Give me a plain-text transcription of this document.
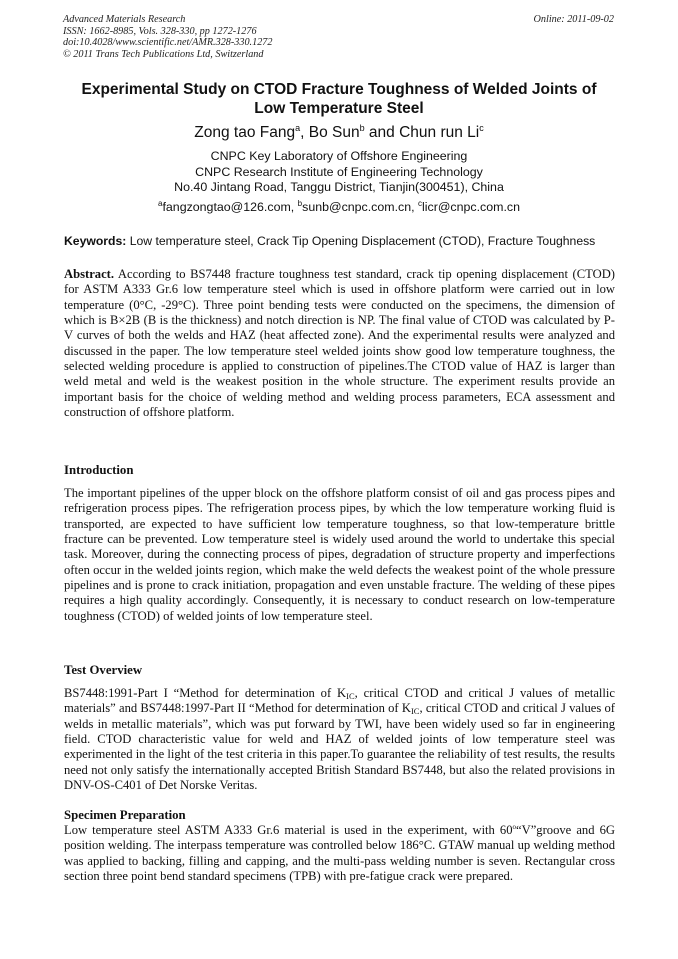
Advanced Materials Research
ISSN: 1662-8985, Vols. 328-330, pp 1272-1276
doi:10.4028/www.scientific.net/AMR.328-330.1272
© 2011 Trans Tech Publications Ltd, Switzerland
Online: 2011-09-02
Experimental Study on CTOD Fracture Toughness of Welded Joints of
Low Temperature Steel
Zong tao Fang$^a$, Bo Sun$^b$ and Chun run Li$^c$
CNPC Key Laboratory of Offshore Engineering
CNPC Research Institute of Engineering Technology
No.40 Jintang Road, Tanggu District, Tianjin(300451), China
$^a$fangzongtao@126.com, $^b$sunb@cnpc.com.cn, $^c$licr@cnpc.com.cn
Keywords: Low temperature steel, Crack Tip Opening Displacement (CTOD), Fracture Toughness
Abstract. According to BS7448 fracture toughness test standard, crack tip opening displacement (CTOD) for ASTM A333 Gr.6 low temperature steel which is used in offshore platform were carried out in low temperature (0°C, -29°C). Three point bending tests were conducted on the specimens, the dimension of which is B×2B (B is the thickness) and notch direction is NP. The final value of CTOD was calculated by P-V curves of both the welds and HAZ (heat affected zone). And the experimental results were analyzed and discussed in the paper. The low temperature steel welded joints show good low temperature toughness, the selected welding procedure is applied to construction of pipelines.The CTOD value of HAZ is larger than weld metal and weld is the weakest position in the whole structure. The experiment results provide an important basis for the choice of welding method and welding process parameters, ECA assessment and construction of offshore platform.
Introduction
The important pipelines of the upper block on the offshore platform consist of oil and gas process pipes and refrigeration process pipes. The refrigeration process pipes, by which the low temperature working fluid is transported, are expected to have sufficient low temperature toughness, so that low-temperature brittle fracture can be prevented. Low temperature steel is widely used around the world to undertake this special task. Moreover, during the connecting process of pipes, degradation of structure property and imperfections often occur in the welded joints region, which make the weld defects the weakest point of the whole pressure pipelines and is prone to crack initiation, propagation and even unstable fracture. The welding of these pipes requires a high quality accordingly. Consequently, it is necessary to conduct research on low-temperature toughness (CTOD) of welded joints of low temperature steel.
Test Overview
BS7448:1991-Part I “Method for determination of $K_{IC}$, critical CTOD and critical J values of metallic materials” and BS7448:1997-Part II “Method for determination of $K_{IC}$, critical CTOD and critical J values of welds in metallic materials”, which was put forward by TWI, have been widely used so far in engineering field. CTOD characteristic value for weld and HAZ of welded joints of low temperature steel was experimented in the light of the test criteria in this paper.To guarantee the reliability of test results, the results need not only satisfy the internationally accepted British Standard BS7448, but also the related provisions in DNV-OS-C401 of Det Norske Veritas.
Specimen Preparation
Low temperature steel ASTM A333 Gr.6 material is used in the experiment, with 60$^o$“V”groove and 6G position welding. The interpass temperature was controlled below 186°C. GTAW manual up welding method was applied to backing, filling and capping, and the multi-pass welding number is seven. Rectangular cross section three point bend standard specimens (TPB) with pre-fatigue crack were prepared.
